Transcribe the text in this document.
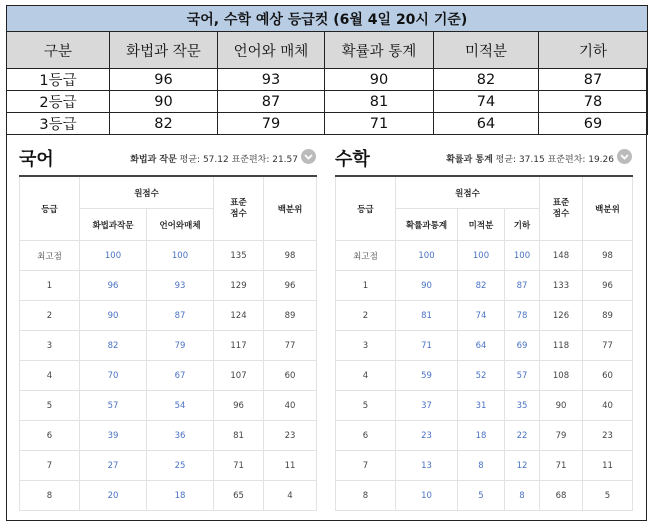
국어, 수학 예상 등급컷 (6월 4일 20시 기준)					
구분	화법과 작문	언어와 매체	확률과 통계	미적분	기하
1등급	96	93	90	82	87
2등급	90	87	81	74	78
3등급	82	79	71	64	69
국어	화법과 작문 평균: 57.12 표준편차: 21.57
등급	원점수		표준 점수	백분위
	화법과작문	언어와매체		
최고점	100	100	135	98
1	96	93	129	96
2	90	87	124	89
3	82	79	117	77
4	70	67	107	60
5	57	54	96	40
6	39	36	81	23
7	27	25	71	11
8	20	18	65	4
수학	확률과 통계 평균: 37.15 표준편차: 19.26
등급	원점수			표준 점수	백분위
	확률과통계	미적분	기하		
최고점	100	100	100	148	98
1	90	82	87	133	96
2	81	74	78	126	89
3	71	64	69	118	77
4	59	52	57	108	60
5	37	31	35	90	40
6	23	18	22	79	23
7	13	8	12	71	11
8	10	5	8	68	5
